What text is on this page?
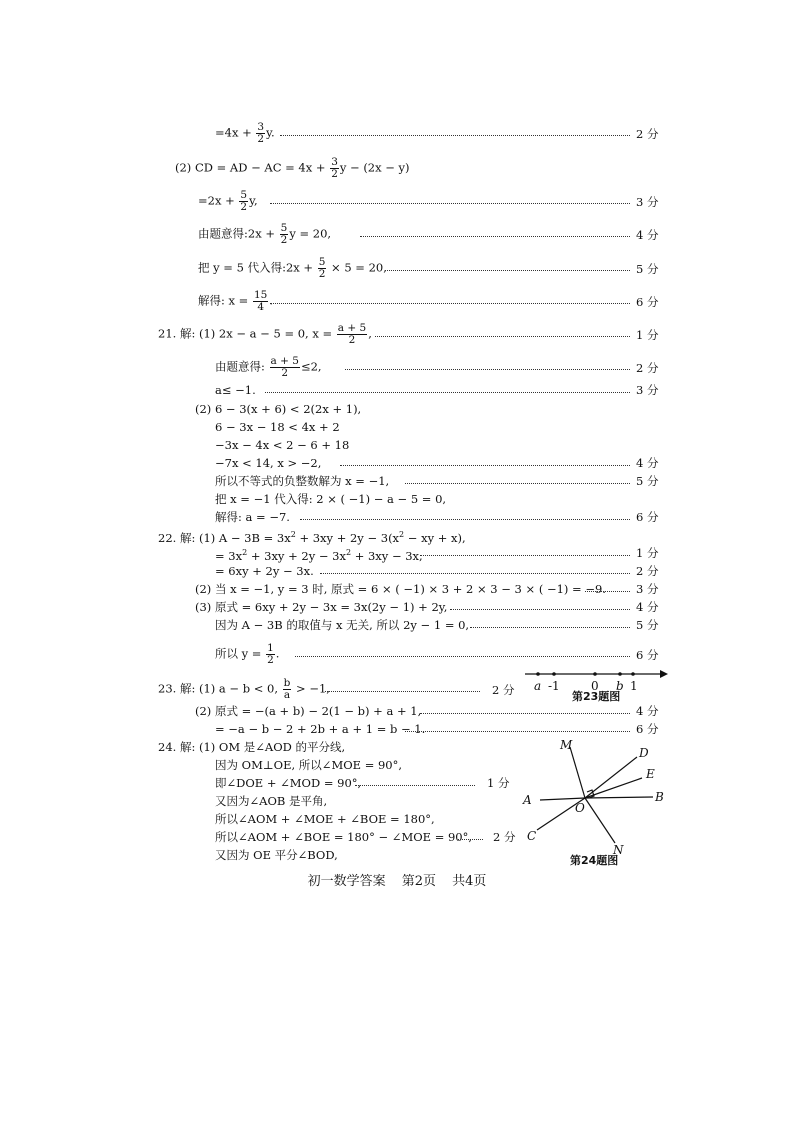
$=4x + \frac{3}{2} y$.	2 分
(2) CD = AD − AC = $4x + \frac{3}{2}$ y − (2x − y)
$=2x + \frac{5}{2} y$,	3 分
由题意得:2x + $\frac{5}{2}$ y = 20,	4 分
把 y = 5 代入得:2x + $\frac{5}{2} \times 5 = 20$,	5 分
解得: $x = \frac{15}{4}$ .	6 分
21. 解: (1) 2x − a − 5 = 0, $x = \frac{a + 5}{2}$ ,	1 分
由题意得: $\frac{a + 5}{2} \le 2$,	2 分
a≤ −1.	3 分
(2) 6 − 3(x + 6) < 2(2x + 1),
6 − 3x − 18 < 4x + 2
−3x − 4x < 2 − 6 + 18
−7x < 14, x > −2,	4 分
所以不等式的负整数解为 x = −1,	5 分
把 x = −1 代入得: 2 × ( −1) − a − 5 = 0,
解得: a = −7.	6 分
22. 解: (1) $A - 3B = 3x^2 + 3xy + 2y - 3(x^2$ − xy + x),
= $3x^2 + 3xy + 2y - 3x^2 + 3xy - 3x$,	1 分
= 6xy + 2y − 3x.	2 分
(2) 当 x = −1, y = 3 时, 原式 = 6 × ( −1) × 3 + 2 × 3 − 3 × ( −1) = −9.	3 分
(3) 原式 = 6xy + 2y − 3x = 3x(2y − 1) + 2y,	4 分
因为 A − 3B 的取值与 x 无关, 所以 2y − 1 = 0,	5 分
所以 $y = \frac{1}{2}$ .	6 分
23. 解: (1) a − b < 0, $\frac{b}{a} > -1$,	2 分
(2) 原式 = −(a + b) − 2(1 − b) + a + 1,	4 分
= −a − b − 2 + 2b + a + 1 = b − 1.	6 分
24. 解: (1) OM 是∠AOD 的平分线,
因为 OM⊥OE, 所以∠MOE = 90°,
即∠DOE + ∠MOD = 90°,	1 分
又因为∠AOB 是平角,
所以∠AOM + ∠MOE + ∠BOE = 180°,
所以∠AOM + ∠BOE = 180° − ∠MOE = 90°, 2 分
又因为 OE 平分∠BOD,
a -1	0 b 1
第23题图
M
D
E
A	B
O
C
N
第24题图
初一数学答案 第2页 共4页
